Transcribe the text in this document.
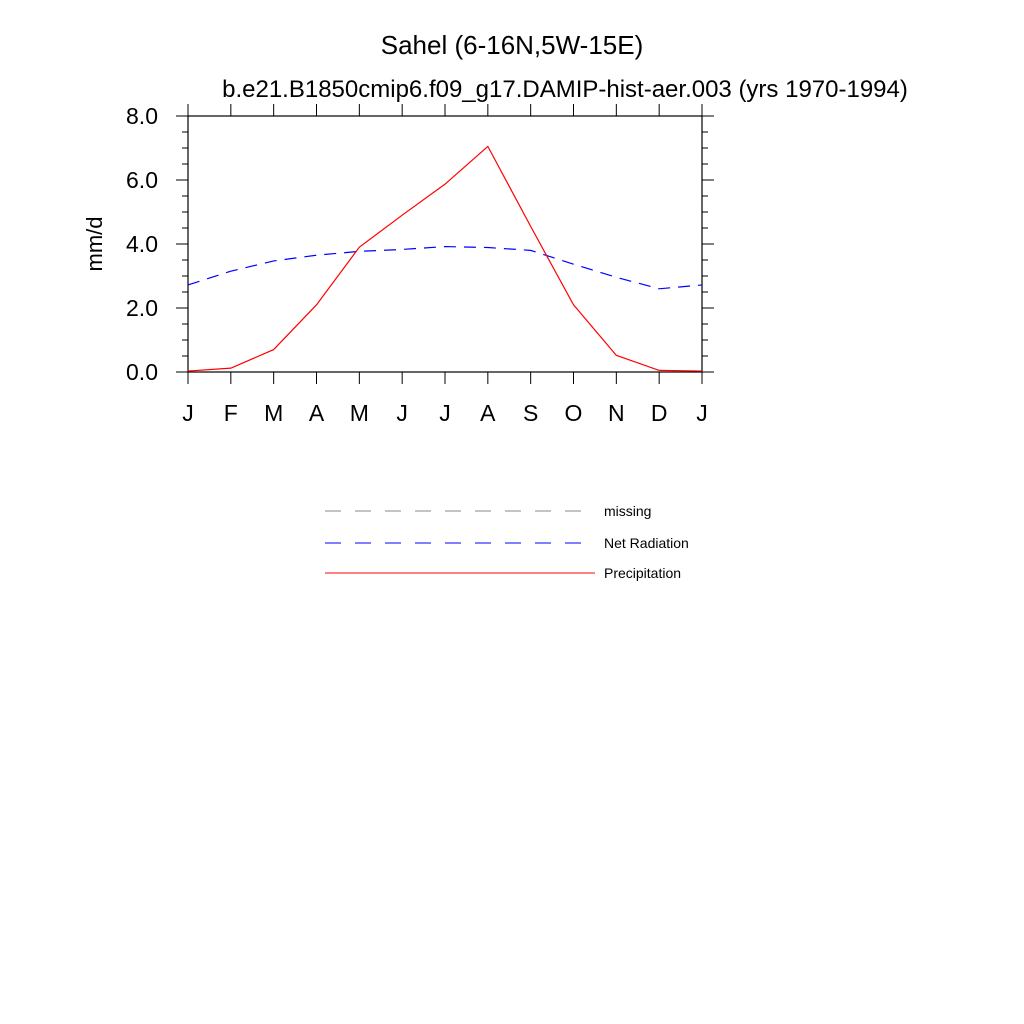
Sahel (6-16N,5W-15E)
b.e21.B1850cmip6.f09_g17.DAMIP-hist-aer.003 (yrs 1970-1994)
mm/d
0.0
2.0
4.0
6.0
8.0
J F M A M J J A S O N D J
missing
Net Radiation
Precipitation
